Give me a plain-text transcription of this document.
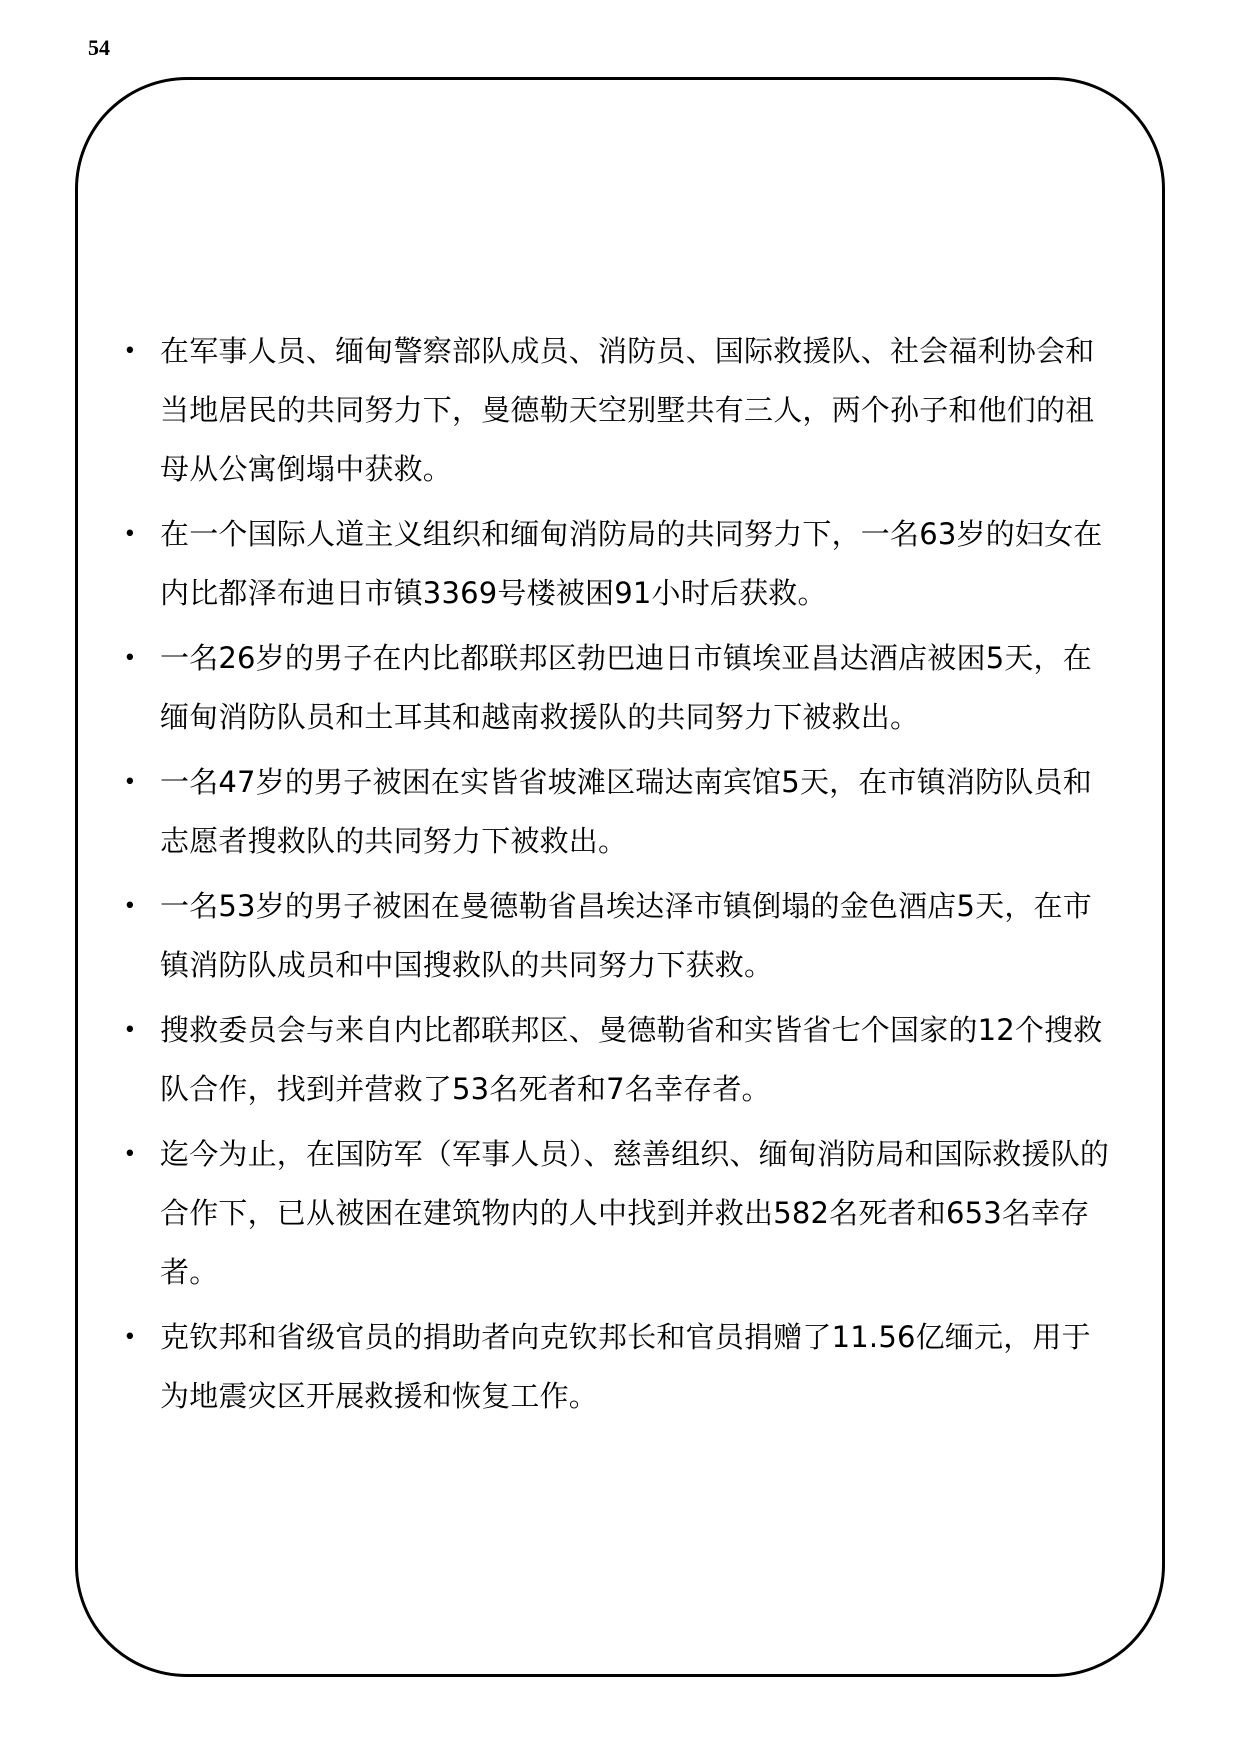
54
• 在军事人员、缅甸警察部队成员、消防员、国际救援队、社会福利协会和当地居民的共同努力下，曼德勒天空别墅共有三人，两个孙子和他们的祖母从公寓倒塌中获救。
• 在一个国际人道主义组织和缅甸消防局的共同努力下，一名63岁的妇女在内比都泽布迪日市镇3369号楼被困91小时后获救。
• 一名26岁的男子在内比都联邦区勃巴迪日市镇埃亚昌达酒店被困5天，在缅甸消防队员和土耳其和越南救援队的共同努力下被救出。
• 一名47岁的男子被困在实皆省坡滩区瑞达南宾馆5天，在市镇消防队员和志愿者搜救队的共同努力下被救出。
• 一名53岁的男子被困在曼德勒省昌埃达泽市镇倒塌的金色酒店5天，在市镇消防队成员和中国搜救队的共同努力下获救。
• 搜救委员会与来自内比都联邦区、曼德勒省和实皆省七个国家的12个搜救队合作，找到并营救了53名死者和7名幸存者。
• 迄今为止，在国防军（军事人员）、慈善组织、缅甸消防局和国际救援队的合作下，已从被困在建筑物内的人中找到并救出582名死者和653名幸存者。
• 克钦邦和省级官员的捐助者向克钦邦长和官员捐赠了11.56亿缅元，用于为地震灾区开展救援和恢复工作。
